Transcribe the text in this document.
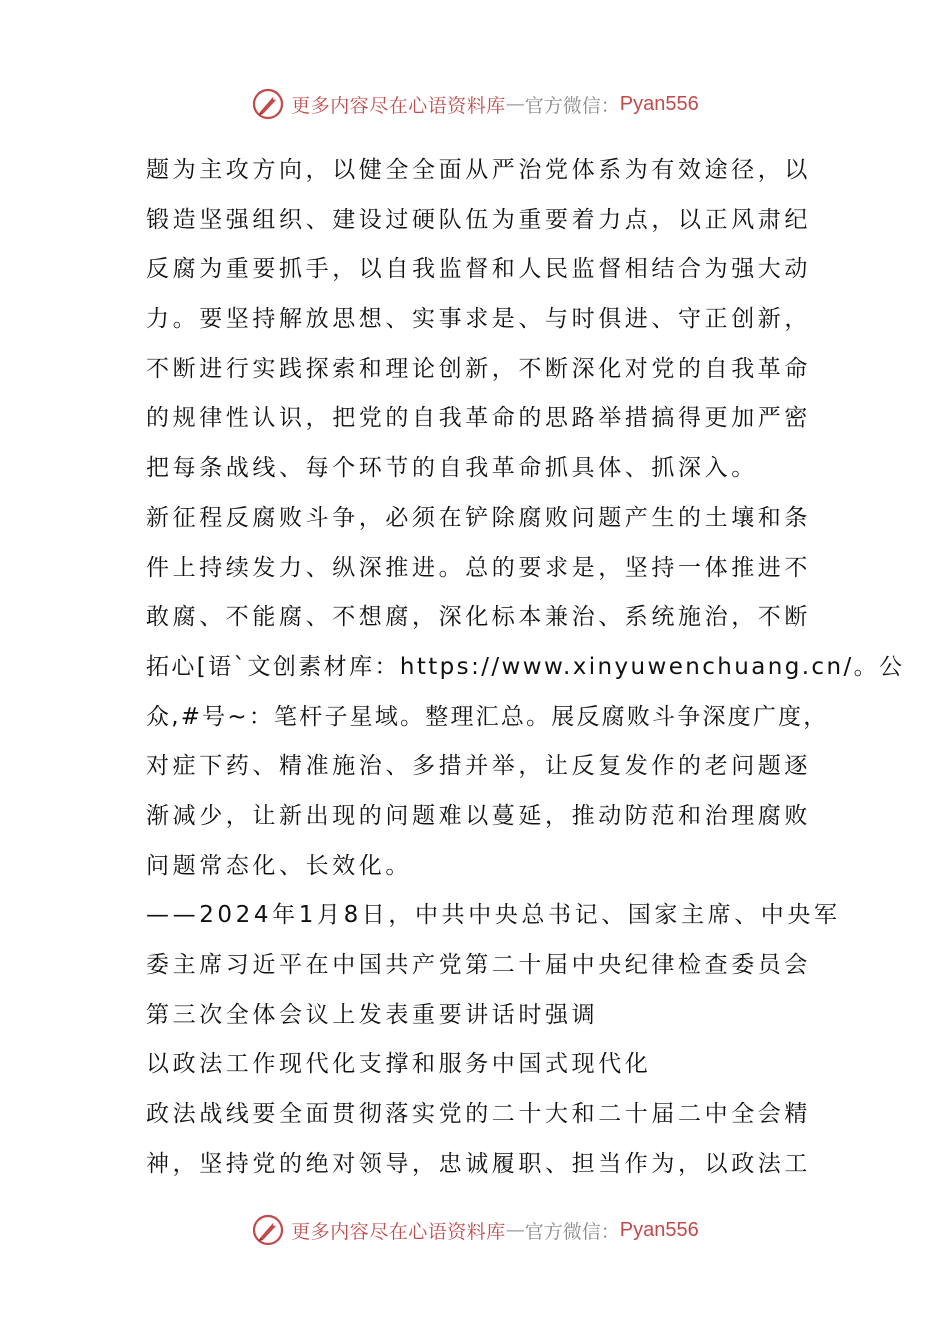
更多内容尽在心语资料库 — 官方微信： Pyan556
题为主攻方向，以健全全面从严治党体系为有效途径，以
锻造坚强组织、建设过硬队伍为重要着力点，以正风肃纪
反腐为重要抓手，以自我监督和人民监督相结合为强大动
力。要坚持解放思想、实事求是、与时俱进、守正创新，
不断进行实践探索和理论创新，不断深化对党的自我革命
的规律性认识，把党的自我革命的思路举措搞得更加严密
把每条战线、每个环节的自我革命抓具体、抓深入。
新征程反腐败斗争，必须在铲除腐败问题产生的土壤和条
件上持续发力、纵深推进。总的要求是，坚持一体推进不
敢腐、不能腐、不想腐，深化标本兼治、系统施治，不断
拓心[语`文创素材库：https://www.xinyuwenchuang.cn/。公
众,#号~：笔杆子星域。整理汇总。展反腐败斗争深度广度，
对症下药、精准施治、多措并举，让反复发作的老问题逐
渐减少，让新出现的问题难以蔓延，推动防范和治理腐败
问题常态化、长效化。
——2024年1月8日，中共中央总书记、国家主席、中央军
委主席习近平在中国共产党第二十届中央纪律检查委员会
第三次全体会议上发表重要讲话时强调
以政法工作现代化支撑和服务中国式现代化
政法战线要全面贯彻落实党的二十大和二十届二中全会精
神，坚持党的绝对领导，忠诚履职、担当作为，以政法工
更多内容尽在心语资料库 — 官方微信： Pyan556
